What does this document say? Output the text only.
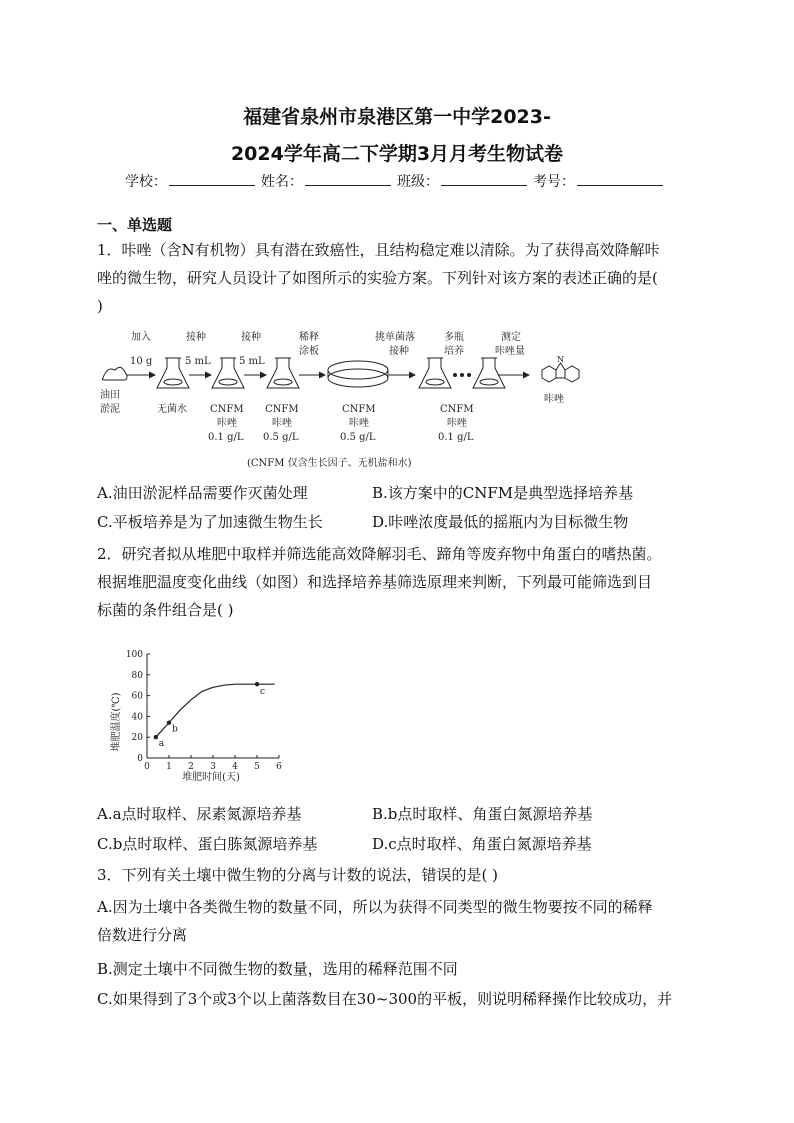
福建省泉州市泉港区第一中学2023-
2024学年高二下学期3月月考生物试卷
学校：	姓名：	班级：	考号：
一、单选题
1．咔唑（含N有机物）具有潜在致癌性，且结构稳定难以清除。为了获得高效降解咔
唑的微生物，研究人员设计了如图所示的实验方案。下列针对该方案的表述正确的是(
)
油田
淤泥
加入
10 g
接种
5 mL
接种
5 mL
稀释
涂板
挑单菌落
接种
多瓶
培养
测定
咔唑量
N
咔唑
无菌水 CNFM
咔唑
0.1 g/L
CNFM
咔唑
0.5 g/L
CNFM
咔唑
0.5 g/L
CNFM
咔唑
0.1 g/L
(CNFM 仅含生长因子、无机盐和水)
A.油田淤泥样品需要作灭菌处理	B.该方案中的CNFM是典型选择培养基
C.平板培养是为了加速微生物生长	D.咔唑浓度最低的摇瓶内为目标微生物
2．研究者拟从堆肥中取样并筛选能高效降解羽毛、蹄角等废弃物中角蛋白的嗜热菌。
根据堆肥温度变化曲线（如图）和选择培养基筛选原理来判断，下列最可能筛选到目
标菌的条件组合是( )
0 1 2 3 4 5 6
0
20
40
60
80
100
a
b
c
堆肥温度(℃)
堆肥时间(天)
A.a点时取样、尿素氮源培养基	B.b点时取样、角蛋白氮源培养基
C.b点时取样、蛋白胨氮源培养基	D.c点时取样、角蛋白氮源培养基
3．下列有关土壤中微生物的分离与计数的说法，错误的是( )
A.因为土壤中各类微生物的数量不同，所以为获得不同类型的微生物要按不同的稀释
倍数进行分离
B.测定土壤中不同微生物的数量，选用的稀释范围不同
C.如果得到了3个或3个以上菌落数目在30~300的平板，则说明稀释操作比较成功，并
